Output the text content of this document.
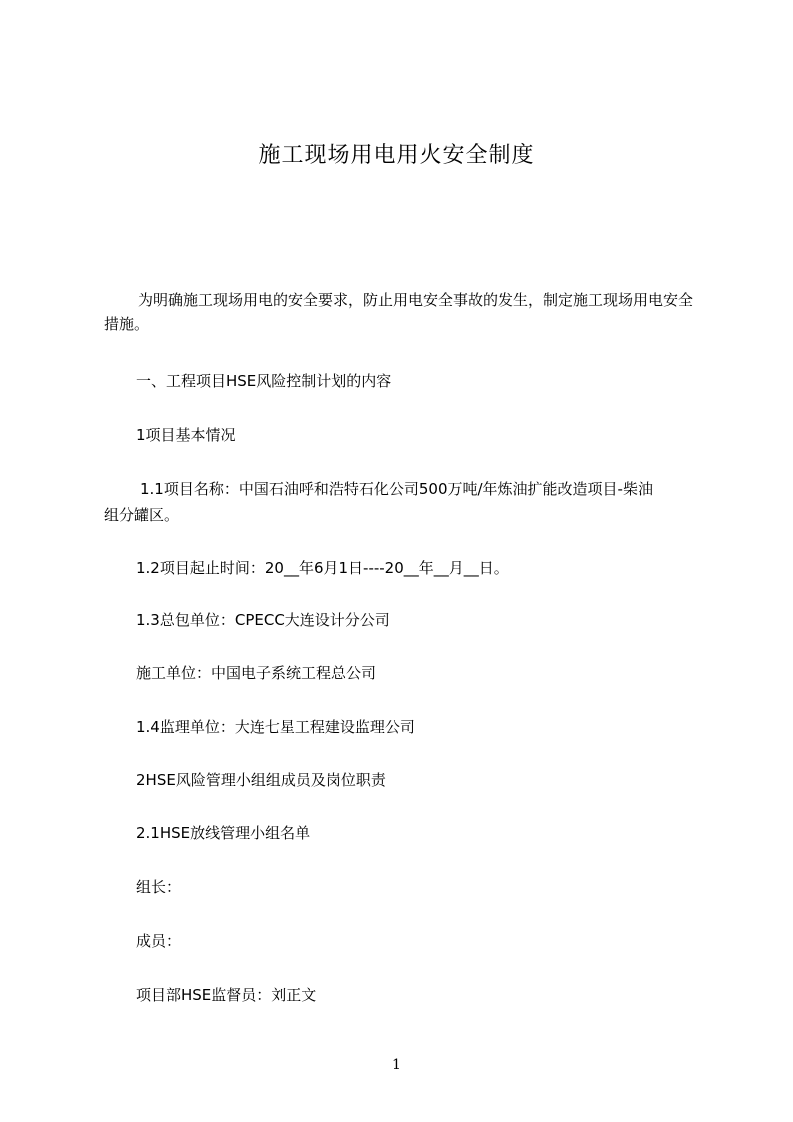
施工现场用电用火安全制度

为明确施工现场用电的安全要求，防止用电安全事故的发生，制定施工现场用电安全措施。

一、工程项目HSE风险控制计划的内容
1项目基本情况
1.1项目名称：中国石油呼和浩特石化公司500万吨/年炼油扩能改造项目-柴油
组分罐区。
1.2项目起止时间：20__年6月1日----20__年__月__日。
1.3总包单位：CPECC大连设计分公司
施工单位：中国电子系统工程总公司
1.4监理单位：大连七星工程建设监理公司
2HSE风险管理小组组成员及岗位职责
2.1HSE放线管理小组名单
组长：
成员：
项目部HSE监督员：刘正文
1
